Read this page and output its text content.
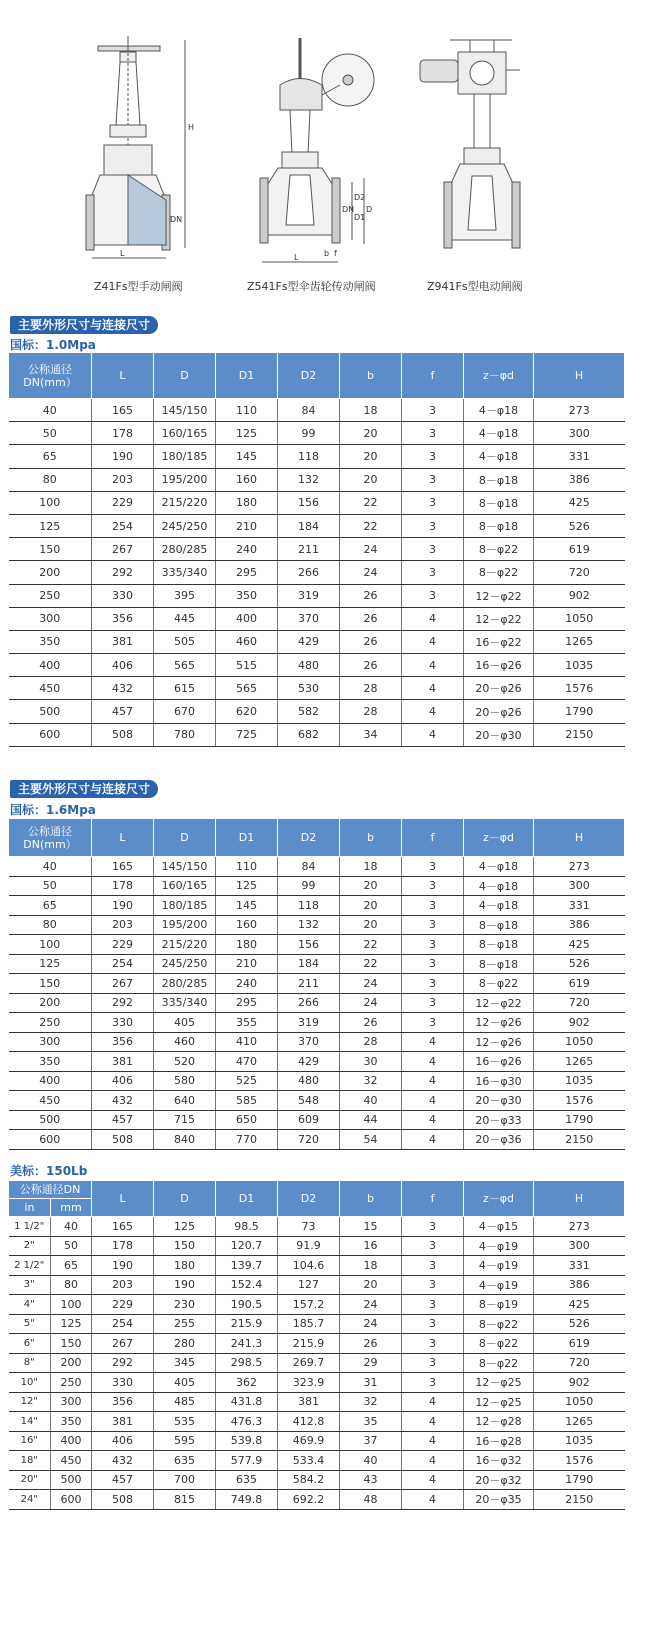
L
H
DN
L	b f
DN
D2
D1
D
Z41Fs型手动闸阀	Z541Fs型伞齿轮传动闸阀	Z941Fs型电动闸阀
主要外形尺寸与连接尺寸
国标：1.0Mpa
公称通径
DN(mm）	L	D	D1	D2	b	f	z－φd	H
40	165	145/150	110	84	18	3	4－φ18	273
50	178	160/165	125	99	20	3	4－φ18	300
65	190	180/185	145	118	20	3	4－φ18	331
80	203	195/200	160	132	20	3	8－φ18	386
100	229	215/220	180	156	22	3	8－φ18	425
125	254	245/250	210	184	22	3	8－φ18	526
150	267	280/285	240	211	24	3	8－φ22	619
200	292	335/340	295	266	24	3	8－φ22	720
250	330	395	350	319	26	3	12－φ22	902
300	356	445	400	370	26	4	12－φ22	1050
350	381	505	460	429	26	4	16－φ22	1265
400	406	565	515	480	26	4	16－φ26	1035
450	432	615	565	530	28	4	20－φ26	1576
500	457	670	620	582	28	4	20－φ26	1790
600	508	780	725	682	34	4	20－φ30	2150
主要外形尺寸与连接尺寸
国标：1.6Mpa
公称通径
DN(mm）	L	D	D1	D2	b	f	z－φd	H
40	165	145/150	110	84	18	3	4－φ18	273
50	178	160/165	125	99	20	3	4－φ18	300
65	190	180/185	145	118	20	3	4－φ18	331
80	203	195/200	160	132	20	3	8－φ18	386
100	229	215/220	180	156	22	3	8－φ18	425
125	254	245/250	210	184	22	3	8－φ18	526
150	267	280/285	240	211	24	3	8－φ22	619
200	292	335/340	295	266	24	3	12－φ22	720
250	330	405	355	319	26	3	12－φ26	902
300	356	460	410	370	28	4	12－φ26	1050
350	381	520	470	429	30	4	16－φ26	1265
400	406	580	525	480	32	4	16－φ30	1035
450	432	640	585	548	40	4	20－φ30	1576
500	457	715	650	609	44	4	20－φ33	1790
600	508	840	770	720	54	4	20－φ36	2150
美标：150Lb
公称通径DN		L	D	D1	D2	b	f	z－φd	H
in	mm								
1 1/2"	40	165	125	98.5	73	15	3	4－φ15	273
2"	50	178	150	120.7	91.9	16	3	4－φ19	300
2 1/2"	65	190	180	139.7	104.6	18	3	4－φ19	331
3"	80	203	190	152.4	127	20	3	4－φ19	386
4"	100	229	230	190.5	157.2	24	3	8－φ19	425
5"	125	254	255	215.9	185.7	24	3	8－φ22	526
6"	150	267	280	241.3	215.9	26	3	8－φ22	619
8"	200	292	345	298.5	269.7	29	3	8－φ22	720
10"	250	330	405	362	323.9	31	3	12－φ25	902
12"	300	356	485	431.8	381	32	4	12－φ25	1050
14"	350	381	535	476.3	412.8	35	4	12－φ28	1265
16"	400	406	595	539.8	469.9	37	4	16－φ28	1035
18"	450	432	635	577.9	533.4	40	4	16－φ32	1576
20"	500	457	700	635	584.2	43	4	20－φ32	1790
24"	600	508	815	749.8	692.2	48	4	20－φ35	2150
